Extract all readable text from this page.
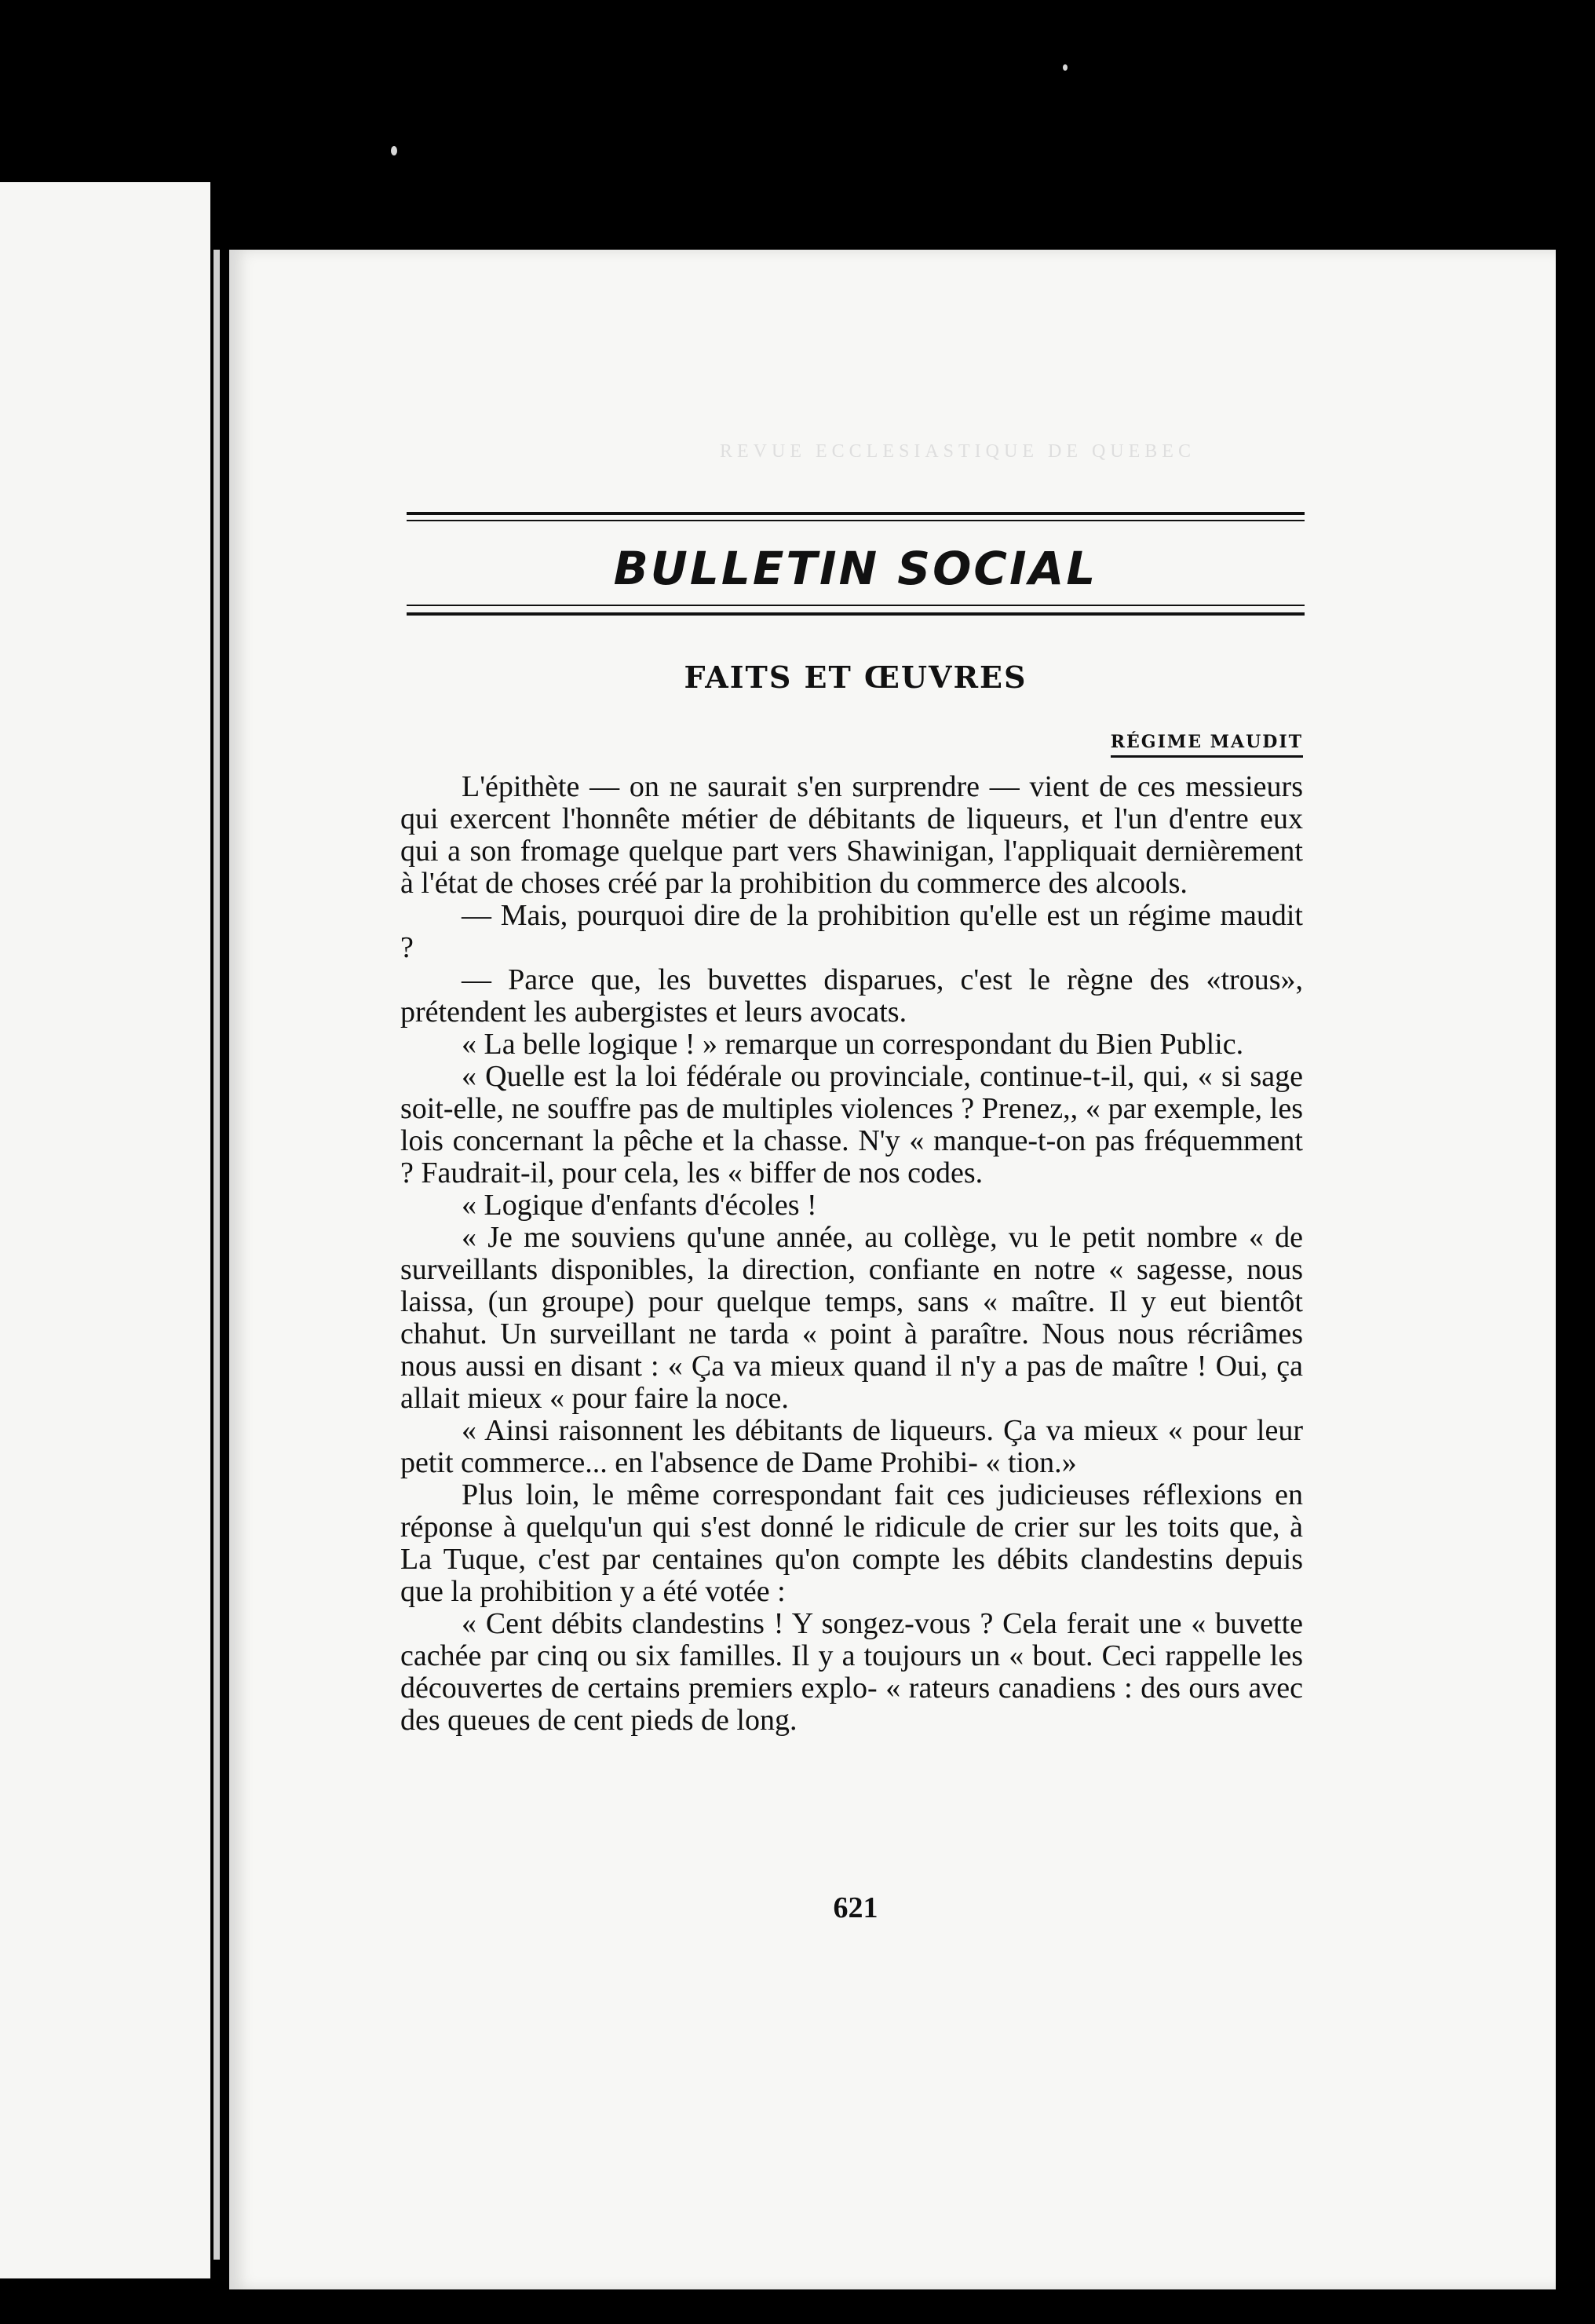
REVUE ECCLESIASTIQUE DE QUEBEC
BULLETIN SOCIAL
FAITS ET ŒUVRES
RÉGIME MAUDIT

L'épithète — on ne saurait s'en surprendre — vient de ces messieurs qui exercent l'honnête métier de débitants de liqueurs, et l'un d'entre eux qui a son fromage quelque part vers Shawinigan, l'appliquait dernièrement à l'état de choses créé par la prohibition du commerce des alcools.

— Mais, pourquoi dire de la prohibition qu'elle est un régime maudit ?

— Parce que, les buvettes disparues, c'est le règne des «trous», prétendent les aubergistes et leurs avocats.

« La belle logique ! » remarque un correspondant du Bien Public.

« Quelle est la loi fédérale ou provinciale, continue-t-il, qui, « si sage soit-elle, ne souffre pas de multiples violences ? Prenez,, « par exemple, les lois concernant la pêche et la chasse. N'y « manque-t-on pas fréquemment ? Faudrait-il, pour cela, les « biffer de nos codes.

« Logique d'enfants d'écoles !

« Je me souviens qu'une année, au collège, vu le petit nombre « de surveillants disponibles, la direction, confiante en notre « sagesse, nous laissa, (un groupe) pour quelque temps, sans « maître. Il y eut bientôt chahut. Un surveillant ne tarda « point à paraître. Nous nous récriâmes nous aussi en disant : « Ça va mieux quand il n'y a pas de maître ! Oui, ça allait mieux « pour faire la noce.

« Ainsi raisonnent les débitants de liqueurs. Ça va mieux « pour leur petit commerce... en l'absence de Dame Prohibi- « tion.»

Plus loin, le même correspondant fait ces judicieuses réflexions en réponse à quelqu'un qui s'est donné le ridicule de crier sur les toits que, à La Tuque, c'est par centaines qu'on compte les débits clandestins depuis que la prohibition y a été votée :

« Cent débits clandestins ! Y songez-vous ? Cela ferait une « buvette cachée par cinq ou six familles. Il y a toujours un « bout. Ceci rappelle les découvertes de certains premiers explo- « rateurs canadiens : des ours avec des queues de cent pieds de long.

621
